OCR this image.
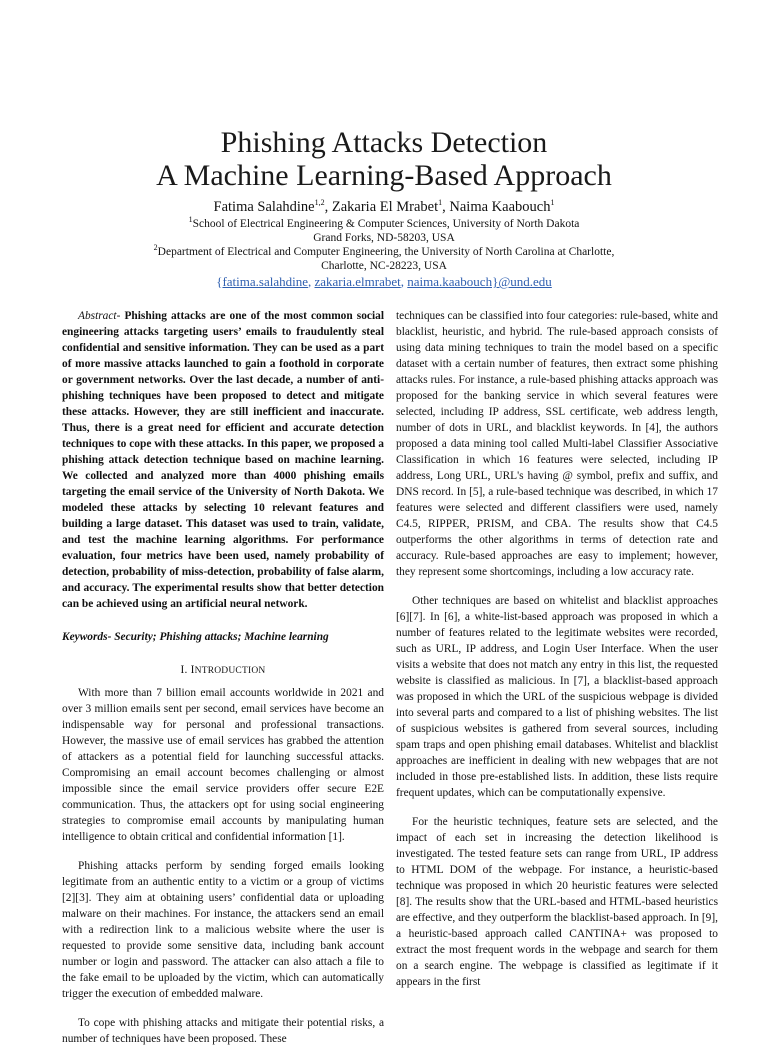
Phishing Attacks Detection
A Machine Learning-Based Approach
Fatima Salahdine$^{1,2}$, Zakaria El Mrabet$^1$, Naima Kaabouch$^1$
$^1$School of Electrical Engineering & Computer Sciences, University of North Dakota
Grand Forks, ND-58203, USA
$^2$Department of Electrical and Computer Engineering, the University of North Carolina at Charlotte,
Charlotte, NC-28223, USA
{fatima.salahdine, zakaria.elmrabet, naima.kaabouch}@und.edu

Abstract- Phishing attacks are one of the most common social engineering attacks targeting users’ emails to fraudulently steal confidential and sensitive information. They can be used as a part of more massive attacks launched to gain a foothold in corporate or government networks. Over the last decade, a number of anti-phishing techniques have been proposed to detect and mitigate these attacks. However, they are still inefficient and inaccurate. Thus, there is a great need for efficient and accurate detection techniques to cope with these attacks. In this paper, we proposed a phishing attack detection technique based on machine learning. We collected and analyzed more than 4000 phishing emails targeting the email service of the University of North Dakota. We modeled these attacks by selecting 10 relevant features and building a large dataset. This dataset was used to train, validate, and test the machine learning algorithms. For performance evaluation, four metrics have been used, namely probability of detection, probability of miss-detection, probability of false alarm, and accuracy. The experimental results show that better detection can be achieved using an artificial neural network.

Keywords- Security; Phishing attacks; Machine learning

I. INTRODUCTION

With more than 7 billion email accounts worldwide in 2021 and over 3 million emails sent per second, email services have become an indispensable way for personal and professional transactions. However, the massive use of email services has grabbed the attention of attackers as a potential field for launching successful attacks. Compromising an email account becomes challenging or almost impossible since the email service providers offer secure E2E communication. Thus, the attackers opt for using social engineering strategies to compromise email accounts by manipulating human intelligence to obtain critical and confidential information [1].

Phishing attacks perform by sending forged emails looking legitimate from an authentic entity to a victim or a group of victims [2][3]. They aim at obtaining users’ confidential data or uploading malware on their machines. For instance, the attackers send an email with a redirection link to a malicious website where the user is requested to provide some sensitive data, including bank account number or login and password. The attacker can also attach a file to the fake email to be uploaded by the victim, which can automatically trigger the execution of embedded malware.

To cope with phishing attacks and mitigate their potential risks, a number of techniques have been proposed. These

techniques can be classified into four categories: rule-based, white and blacklist, heuristic, and hybrid. The rule-based approach consists of using data mining techniques to train the model based on a specific dataset with a certain number of features, then extract some phishing attacks rules. For instance, a rule-based phishing attacks approach was proposed for the banking service in which several features were selected, including IP address, SSL certificate, web address length, number of dots in URL, and blacklist keywords. In [4], the authors proposed a data mining tool called Multi-label Classifier Associative Classification in which 16 features were selected, including IP address, Long URL, URL's having @ symbol, prefix and suffix, and DNS record. In [5], a rule-based technique was described, in which 17 features were selected and different classifiers were used, namely C4.5, RIPPER, PRISM, and CBA. The results show that C4.5 outperforms the other algorithms in terms of detection rate and accuracy. Rule-based approaches are easy to implement; however, they represent some shortcomings, including a low accuracy rate.

Other techniques are based on whitelist and blacklist approaches [6][7]. In [6], a white-list-based approach was proposed in which a number of features related to the legitimate websites were recorded, such as URL, IP address, and Login User Interface. When the user visits a website that does not match any entry in this list, the requested website is classified as malicious. In [7], a blacklist-based approach was proposed in which the URL of the suspicious webpage is divided into several parts and compared to a list of phishing websites. The list of suspicious websites is gathered from several sources, including spam traps and open phishing email databases. Whitelist and blacklist approaches are inefficient in dealing with new webpages that are not included in those pre-established lists. In addition, these lists require frequent updates, which can be computationally expensive.

For the heuristic techniques, feature sets are selected, and the impact of each set in increasing the detection likelihood is investigated. The tested feature sets can range from URL, IP address to HTML DOM of the webpage. For instance, a heuristic-based technique was proposed in which 20 heuristic features were selected [8]. The results show that the URL-based and HTML-based heuristics are effective, and they outperform the blacklist-based approach. In [9], a heuristic-based approach called CANTINA+ was proposed to extract the most frequent words in the webpage and search for them on a search engine. The webpage is classified as legitimate if it appears in the first
